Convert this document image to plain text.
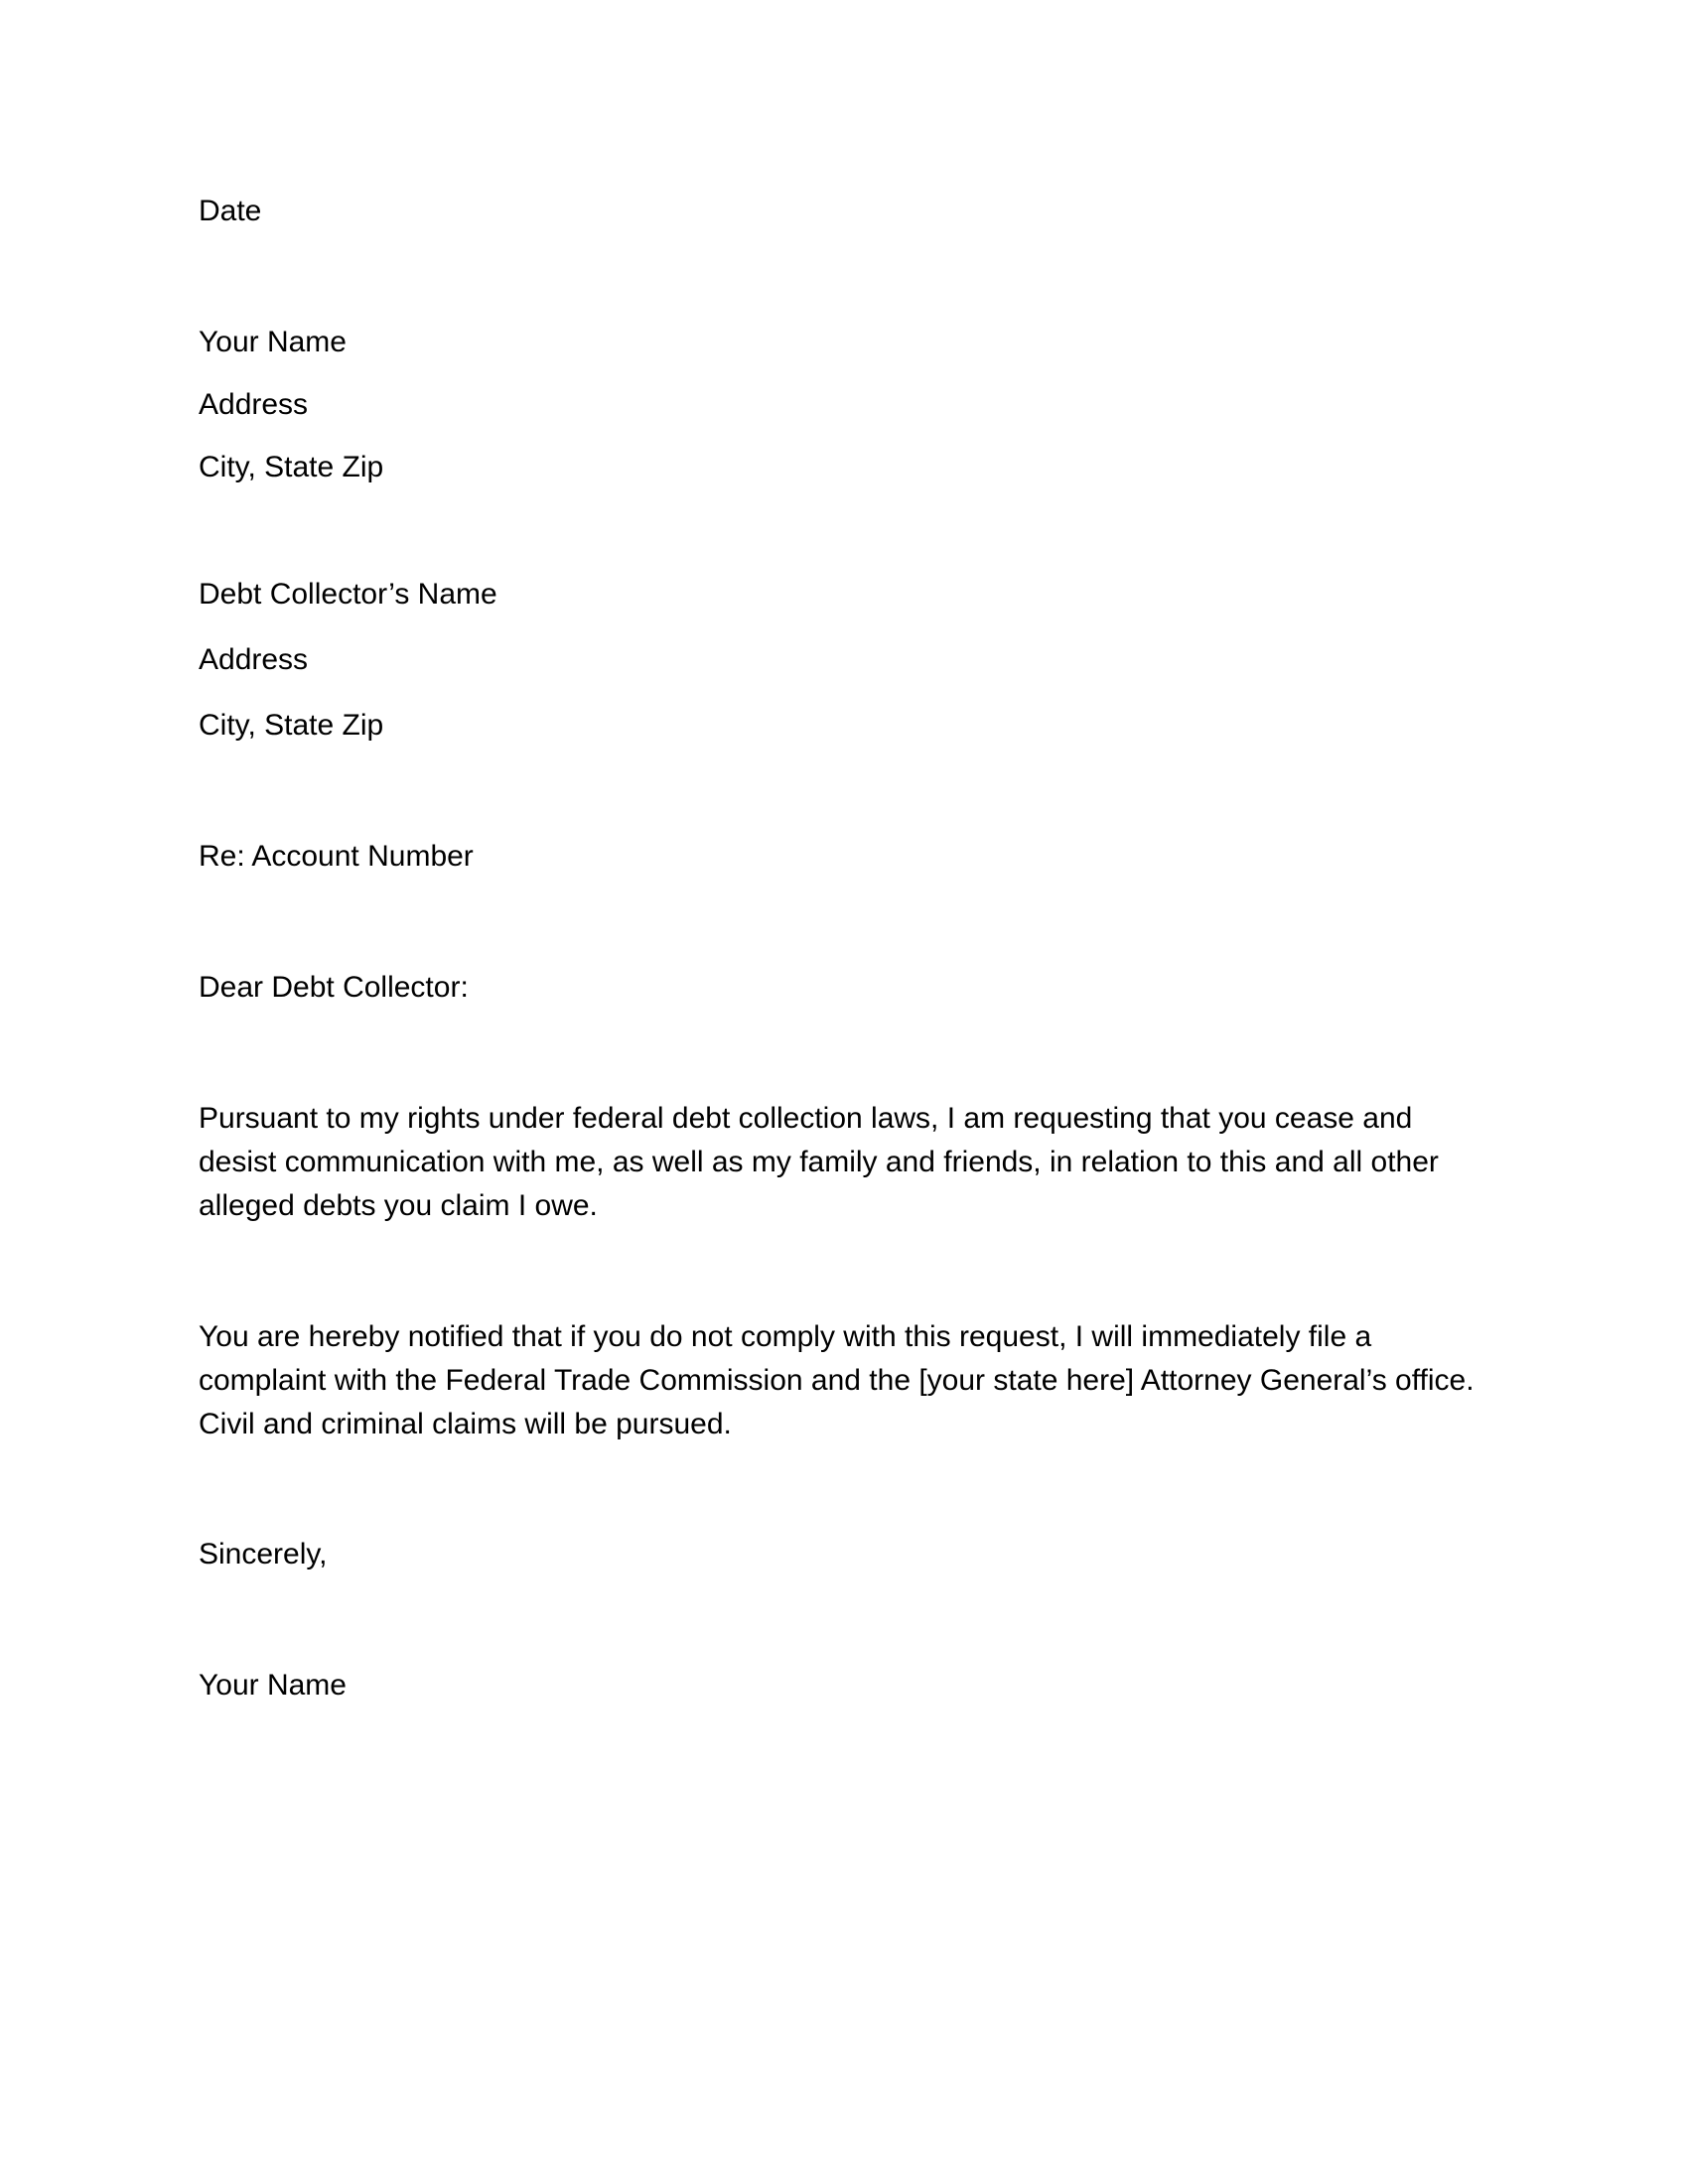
Date

Your Name

Address

City, State Zip

Debt Collector’s Name

Address

City, State Zip

Re: Account Number

Dear Debt Collector:

Pursuant to my rights under federal debt collection laws, I am requesting that you cease and desist communication with me, as well as my family and friends, in relation to this and all other alleged debts you claim I owe.

You are hereby notified that if you do not comply with this request, I will immediately file a complaint with the Federal Trade Commission and the [your state here] Attorney General’s office. Civil and criminal claims will be pursued.

Sincerely,

Your Name
